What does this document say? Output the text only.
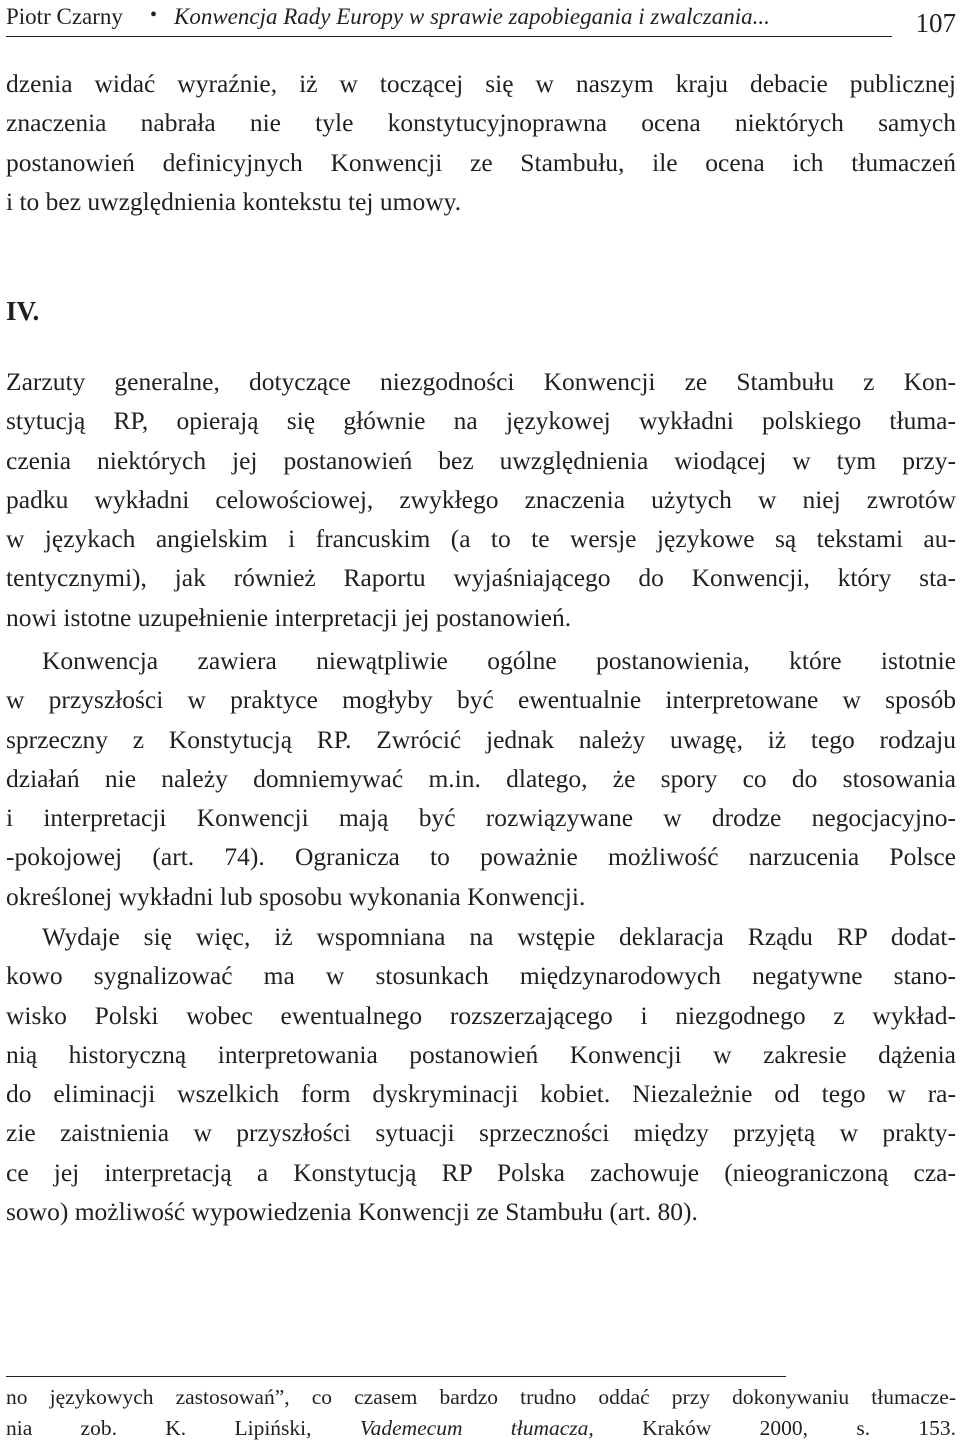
Piotr Czarny • Konwencja Rady Europy w sprawie zapobiegania i zwalczania...	107
dzenia widać wyraźnie, iż w toczącej się w naszym kraju debacie publicznej
znaczenia nabrała nie tyle konstytucyjnoprawna ocena niektórych samych
postanowień definicyjnych Konwencji ze Stambułu, ile ocena ich tłumaczeń
i to bez uwzględnienia kontekstu tej umowy.
IV.
Zarzuty generalne, dotyczące niezgodności Konwencji ze Stambułu z Kon-
stytucją RP, opierają się głównie na językowej wykładni polskiego tłuma-
czenia niektórych jej postanowień bez uwzględnienia wiodącej w tym przy-
padku wykładni celowościowej, zwykłego znaczenia użytych w niej zwrotów
w językach angielskim i francuskim (a to te wersje językowe są tekstami au-
tentycznymi), jak również Raportu wyjaśniającego do Konwencji, który sta-
nowi istotne uzupełnienie interpretacji jej postanowień.
Konwencja zawiera niewątpliwie ogólne postanowienia, które istotnie
w przyszłości w praktyce mogłyby być ewentualnie interpretowane w sposób
sprzeczny z Konstytucją RP. Zwrócić jednak należy uwagę, iż tego rodzaju
działań nie należy domniemywać m.in. dlatego, że spory co do stosowania
i interpretacji Konwencji mają być rozwiązywane w drodze negocjacyjno-
-pokojowej (art. 74). Ogranicza to poważnie możliwość narzucenia Polsce
określonej wykładni lub sposobu wykonania Konwencji.
Wydaje się więc, iż wspomniana na wstępie deklaracja Rządu RP dodat-
kowo sygnalizować ma w stosunkach międzynarodowych negatywne stano-
wisko Polski wobec ewentualnego rozszerzającego i niezgodnego z wykład-
nią historyczną interpretowania postanowień Konwencji w zakresie dążenia
do eliminacji wszelkich form dyskryminacji kobiet. Niezależnie od tego w ra-
zie zaistnienia w przyszłości sytuacji sprzeczności między przyjętą w prakty-
ce jej interpretacją a Konstytucją RP Polska zachowuje (nieograniczoną cza-
sowo) możliwość wypowiedzenia Konwencji ze Stambułu (art. 80).
no językowych zastosowań”, co czasem bardzo trudno oddać przy dokonywaniu tłumacze-
nia zob. K. Lipiński, Vademecum tłumacza, Kraków 2000, s. 153.
